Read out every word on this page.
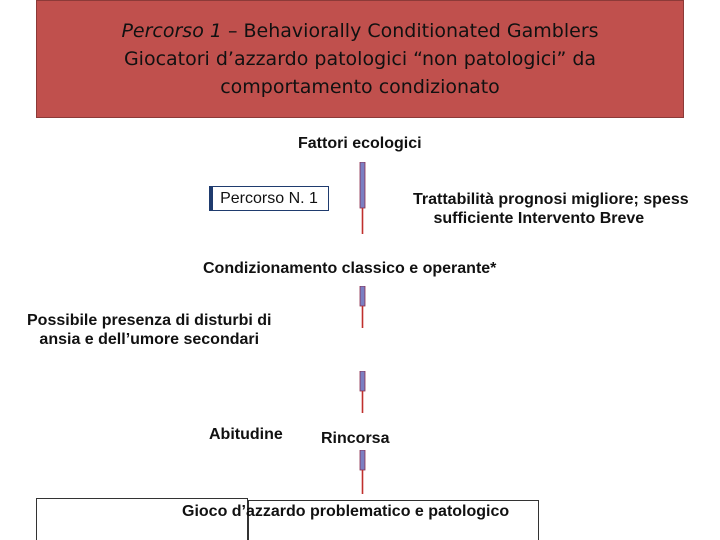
Percorso 1 – Behaviorally Conditionated Gamblers
Giocatori d’azzardo patologici “non patologici” da
comportamento condizionato
Fattori ecologici
Percorso N. 1	Trattabilità prognosi migliore; spess
sufficiente Intervento Breve
Condizionamento classico e operante*
Possibile presenza di disturbi di
ansia e dell’umore secondari
Abitudine Rincorsa
Gioco d’azzardo problematico e patologico
